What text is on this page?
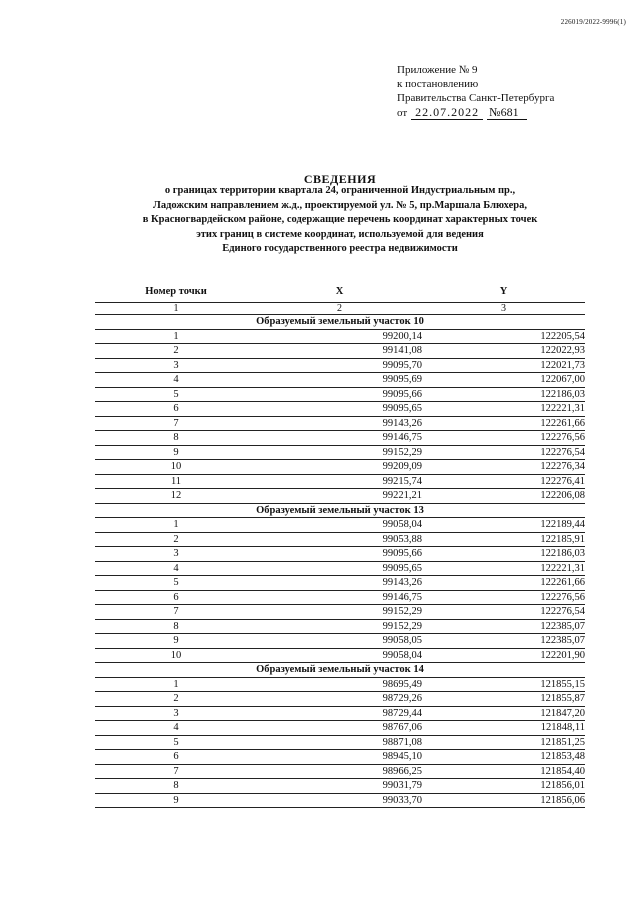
226019/2022-9996(1)
Приложение № 9
к постановлению
Правительства Санкт-Петербурга
от 22.07.2022 №681
СВЕДЕНИЯ
о границах территории квартала 24, ограниченной Индустриальным пр.,
Ладожским направлением ж.д., проектируемой ул. № 5, пр.Маршала Блюхера,
в Красногвардейском районе, содержащие перечень координат характерных точек
этих границ в системе координат, используемой для ведения
Единого государственного реестра недвижимости
Номер точки	X	Y
1	2	3
Образуемый земельный участок 10		
1	99200,14	122205,54
2	99141,08	122022,93
3	99095,70	122021,73
4	99095,69	122067,00
5	99095,66	122186,03
6	99095,65	122221,31
7	99143,26	122261,66
8	99146,75	122276,56
9	99152,29	122276,54
10	99209,09	122276,34
11	99215,74	122276,41
12	99221,21	122206,08
Образуемый земельный участок 13		
1	99058,04	122189,44
2	99053,88	122185,91
3	99095,66	122186,03
4	99095,65	122221,31
5	99143,26	122261,66
6	99146,75	122276,56
7	99152,29	122276,54
8	99152,29	122385,07
9	99058,05	122385,07
10	99058,04	122201,90
Образуемый земельный участок 14		
1	98695,49	121855,15
2	98729,26	121855,87
3	98729,44	121847,20
4	98767,06	121848,11
5	98871,08	121851,25
6	98945,10	121853,48
7	98966,25	121854,40
8	99031,79	121856,01
9	99033,70	121856,06
